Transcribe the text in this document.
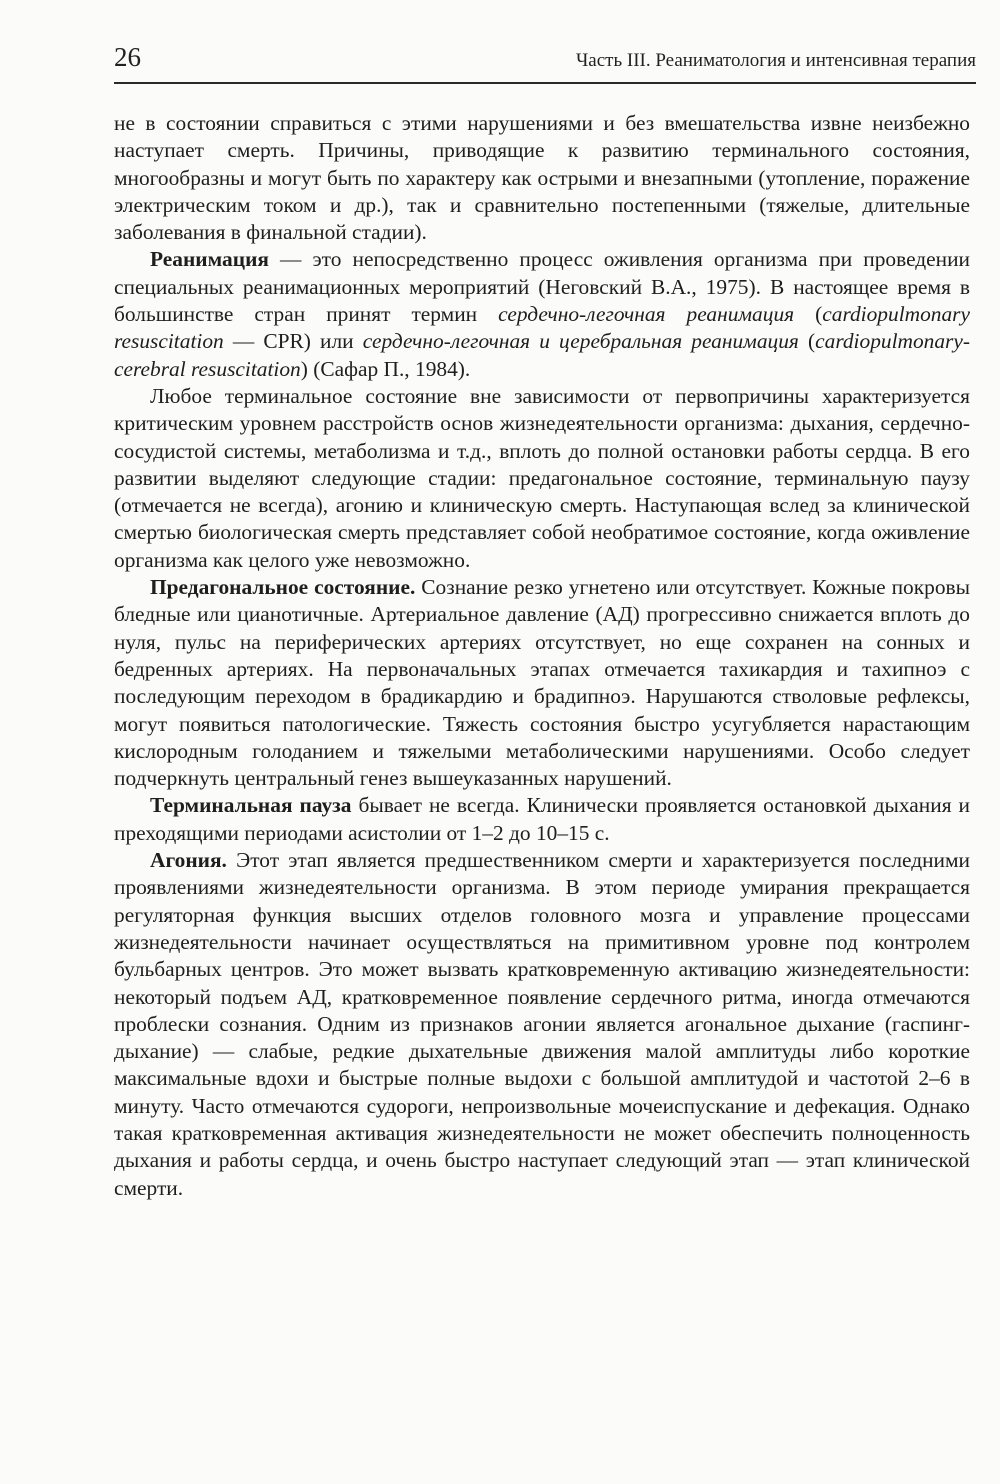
26	Часть III. Реаниматология и интенсивная терапия

не в состоянии справиться с этими нарушениями и без вмешательства извне неизбежно наступает смерть. Причины, приводящие к развитию терминального состояния, многообразны и могут быть по характеру как острыми и внезапными (утопление, поражение электрическим током и др.), так и сравнительно постепенными (тяжелые, длительные заболевания в финальной стадии).

Реанимация — это непосредственно процесс оживления организма при проведении специальных реанимационных мероприятий (Неговский В.А., 1975). В настоящее время в большинстве стран принят термин сердечно-легочная реанимация (cardiopulmonary resuscitation — CPR) или сердечно-легочная и церебральная реанимация (cardiopulmonary-cerebral resuscitation) (Сафар П., 1984).

Любое терминальное состояние вне зависимости от первопричины характеризуется критическим уровнем расстройств основ жизнедеятельности организма: дыхания, сердечно-сосудистой системы, метаболизма и т.д., вплоть до полной остановки работы сердца. В его развитии выделяют следующие стадии: предагональное состояние, терминальную паузу (отмечается не всегда), агонию и клиническую смерть. Наступающая вслед за клинической смертью биологическая смерть представляет собой необратимое состояние, когда оживление организма как целого уже невозможно.

Предагональное состояние. Сознание резко угнетено или отсутствует. Кожные покровы бледные или цианотичные. Артериальное давление (АД) прогрессивно снижается вплоть до нуля, пульс на периферических артериях отсутствует, но еще сохранен на сонных и бедренных артериях. На первоначальных этапах отмечается тахикардия и тахипноэ с последующим переходом в брадикардию и брадипноэ. Нарушаются стволовые рефлексы, могут появиться патологические. Тяжесть состояния быстро усугубляется нарастающим кислородным голоданием и тяжелыми метаболическими нарушениями. Особо следует подчеркнуть центральный генез вышеуказанных нарушений.

Терминальная пауза бывает не всегда. Клинически проявляется остановкой дыхания и преходящими периодами асистолии от 1–2 до 10–15 с.

Агония. Этот этап является предшественником смерти и характеризуется последними проявлениями жизнедеятельности организма. В этом периоде умирания прекращается регуляторная функция высших отделов головного мозга и управление процессами жизнедеятельности начинает осуществляться на примитивном уровне под контролем бульбарных центров. Это может вызвать кратковременную активацию жизнедеятельности: некоторый подъем АД, кратковременное появление сердечного ритма, иногда отмечаются проблески сознания. Одним из признаков агонии является агональное дыхание (гаспинг-дыхание) — слабые, редкие дыхательные движения малой амплитуды либо короткие максимальные вдохи и быстрые полные выдохи с большой амплитудой и частотой 2–6 в минуту. Часто отмечаются судороги, непроизвольные мочеиспускание и дефекация. Однако такая кратковременная активация жизнедеятельности не может обеспечить полноценность дыхания и работы сердца, и очень быстро наступает следующий этап — этап клинической смерти.
